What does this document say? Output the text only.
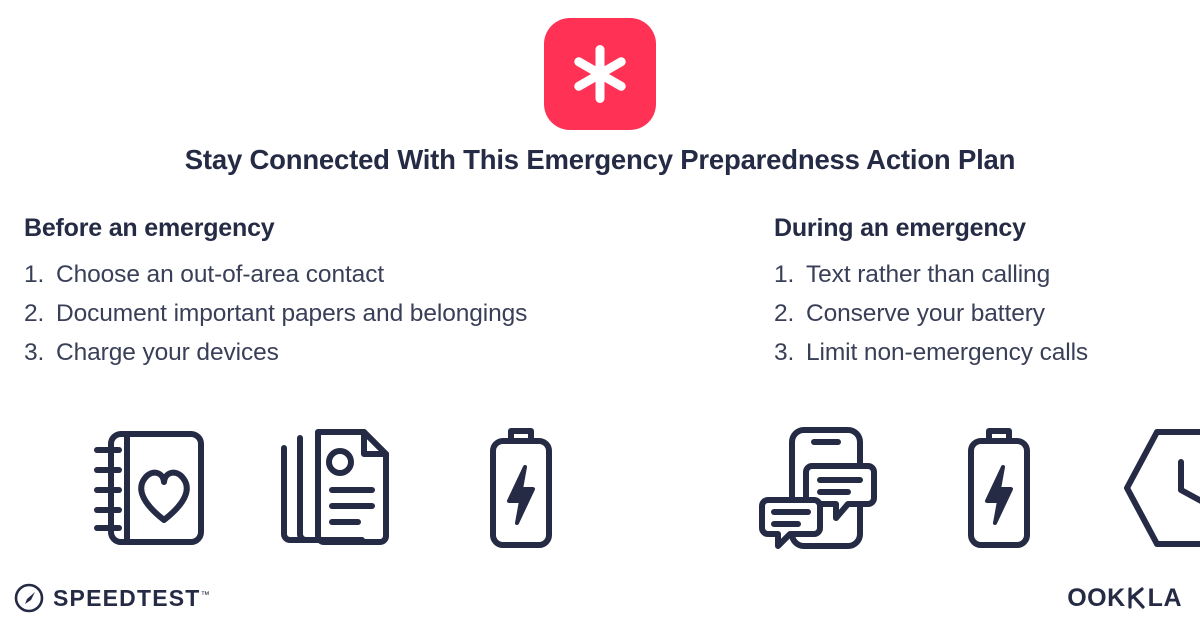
Stay Connected With This Emergency Preparedness Action Plan
Before an emergency
1. Choose an out-of-area contact
2. Document important papers and belongings
3. Charge your devices
During an emergency
1. Text rather than calling
2. Conserve your battery
3. Limit non-emergency calls
SPEEDTEST™	OOK LA
